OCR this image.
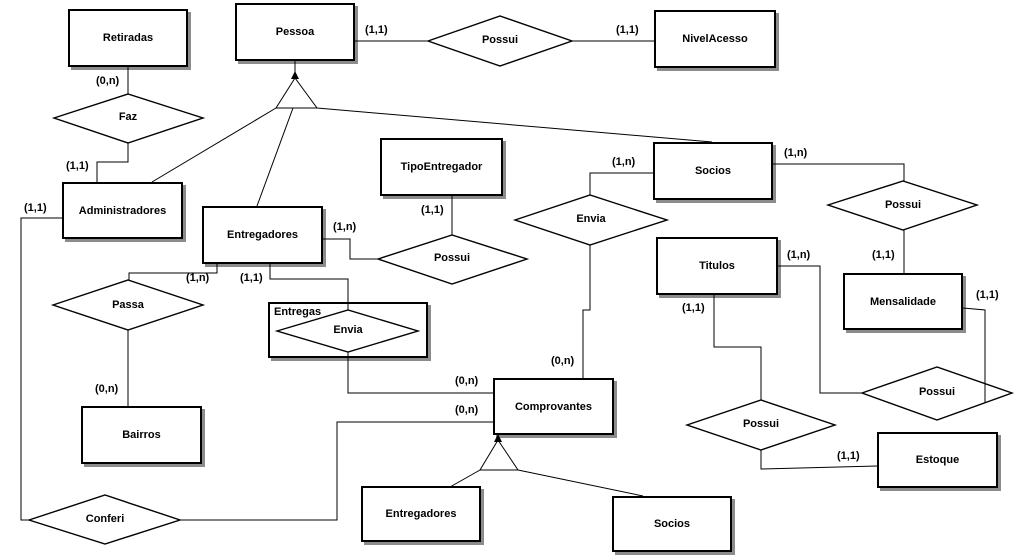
Retiradas	Pessoa
NivelAcesso
TipoEntregador	Socios
Administradores
Entregadores
Titulos
Mensalidade
Entregas
Bairros
Comprovantes
Estoque
Entregadores
Socios
Possui
Faz
Possui
Envia
Possui
Passa
Envia
Possui
Possui
Conferi
(1,1)	(1,1)
(0,n)
(1,1)
(1,1)
(1,n)
(1,n)
(1,1)
(1,n)
(1,n)	(1,1)
(1,n)	(1,1)
(1,1)
(1,1)
(0,n)
(0,n)
(0,n)
(0,n)
(1,1)
